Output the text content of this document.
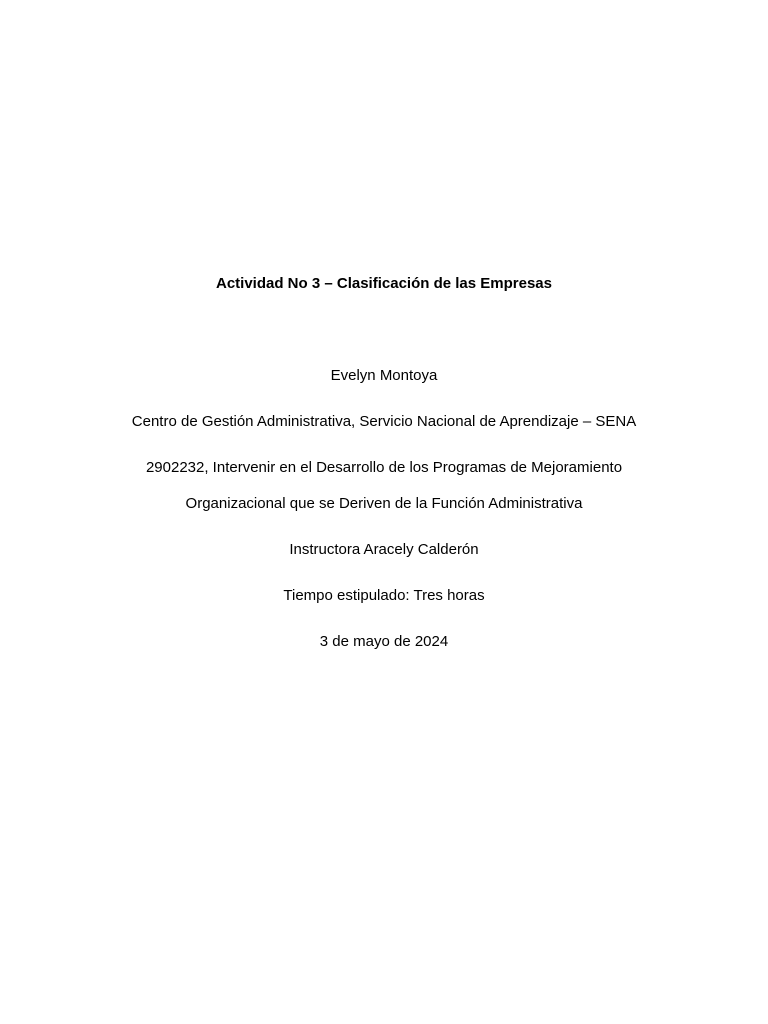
Actividad No 3 – Clasificación de las Empresas
Evelyn Montoya
Centro de Gestión Administrativa, Servicio Nacional de Aprendizaje – SENA
2902232, Intervenir en el Desarrollo de los Programas de Mejoramiento
Organizacional que se Deriven de la Función Administrativa
Instructora Aracely Calderón
Tiempo estipulado: Tres horas
3 de mayo de 2024
